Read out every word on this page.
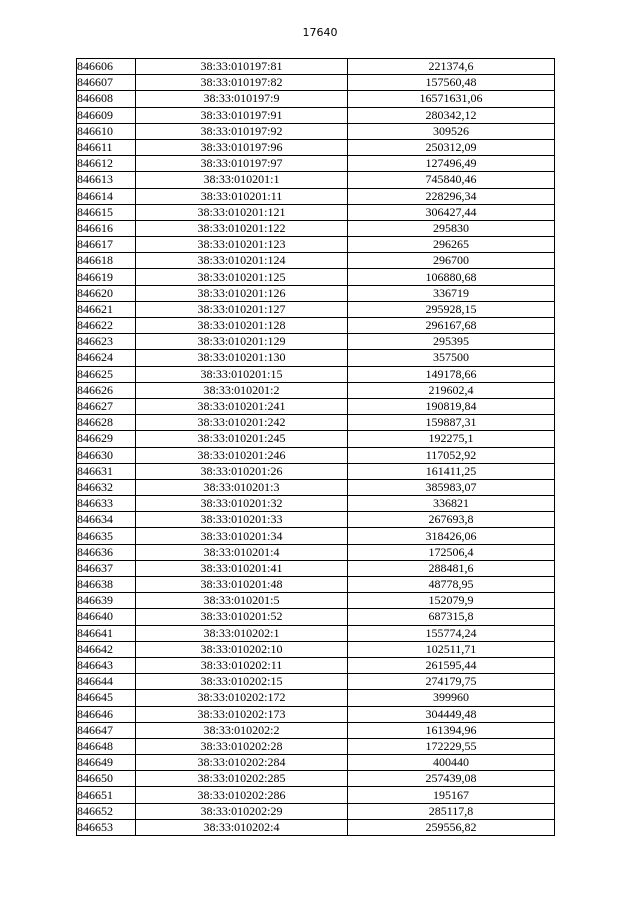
17640
846606	38:33:010197:81	221374,6
846607	38:33:010197:82	157560,48
846608	38:33:010197:9	16571631,06
846609	38:33:010197:91	280342,12
846610	38:33:010197:92	309526
846611	38:33:010197:96	250312,09
846612	38:33:010197:97	127496,49
846613	38:33:010201:1	745840,46
846614	38:33:010201:11	228296,34
846615	38:33:010201:121	306427,44
846616	38:33:010201:122	295830
846617	38:33:010201:123	296265
846618	38:33:010201:124	296700
846619	38:33:010201:125	106880,68
846620	38:33:010201:126	336719
846621	38:33:010201:127	295928,15
846622	38:33:010201:128	296167,68
846623	38:33:010201:129	295395
846624	38:33:010201:130	357500
846625	38:33:010201:15	149178,66
846626	38:33:010201:2	219602,4
846627	38:33:010201:241	190819,84
846628	38:33:010201:242	159887,31
846629	38:33:010201:245	192275,1
846630	38:33:010201:246	117052,92
846631	38:33:010201:26	161411,25
846632	38:33:010201:3	385983,07
846633	38:33:010201:32	336821
846634	38:33:010201:33	267693,8
846635	38:33:010201:34	318426,06
846636	38:33:010201:4	172506,4
846637	38:33:010201:41	288481,6
846638	38:33:010201:48	48778,95
846639	38:33:010201:5	152079,9
846640	38:33:010201:52	687315,8
846641	38:33:010202:1	155774,24
846642	38:33:010202:10	102511,71
846643	38:33:010202:11	261595,44
846644	38:33:010202:15	274179,75
846645	38:33:010202:172	399960
846646	38:33:010202:173	304449,48
846647	38:33:010202:2	161394,96
846648	38:33:010202:28	172229,55
846649	38:33:010202:284	400440
846650	38:33:010202:285	257439,08
846651	38:33:010202:286	195167
846652	38:33:010202:29	285117,8
846653	38:33:010202:4	259556,82
